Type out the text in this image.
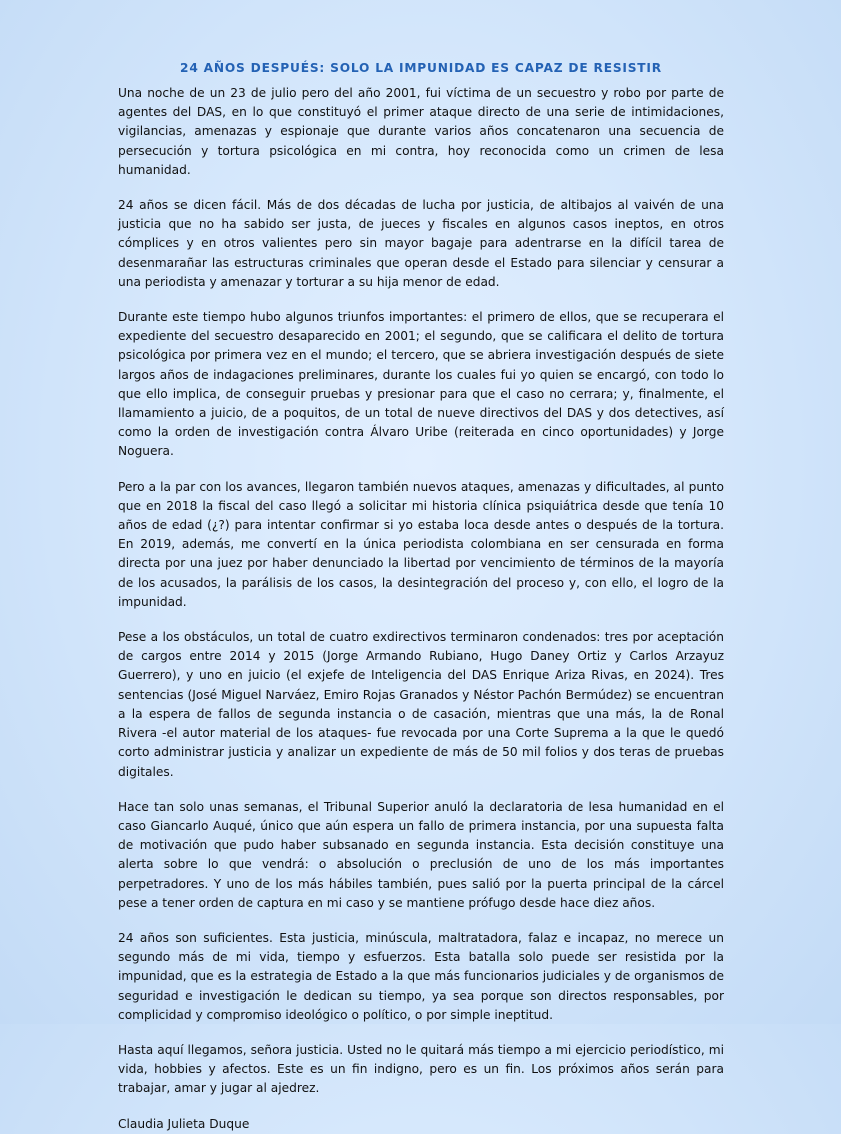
24 AÑOS DESPUÉS: SOLO LA IMPUNIDAD ES CAPAZ DE RESISTIR

Una noche de un 23 de julio pero del año 2001, fui víctima de un secuestro y robo por parte de agentes del DAS, en lo que constituyó el primer ataque directo de una serie de intimidaciones, vigilancias, amenazas y espionaje que durante varios años concatenaron una secuencia de persecución y tortura psicológica en mi contra, hoy reconocida como un crimen de lesa humanidad.

24 años se dicen fácil. Más de dos décadas de lucha por justicia, de altibajos al vaivén de una justicia que no ha sabido ser justa, de jueces y fiscales en algunos casos ineptos, en otros cómplices y en otros valientes pero sin mayor bagaje para adentrarse en la difícil tarea de desenmarañar las estructuras criminales que operan desde el Estado para silenciar y censurar a una periodista y amenazar y torturar a su hija menor de edad.

Durante este tiempo hubo algunos triunfos importantes: el primero de ellos, que se recuperara el expediente del secuestro desaparecido en 2001; el segundo, que se calificara el delito de tortura psicológica por primera vez en el mundo; el tercero, que se abriera investigación después de siete largos años de indagaciones preliminares, durante los cuales fui yo quien se encargó, con todo lo que ello implica, de conseguir pruebas y presionar para que el caso no cerrara; y, finalmente, el llamamiento a juicio, de a poquitos, de un total de nueve directivos del DAS y dos detectives, así como la orden de investigación contra Álvaro Uribe (reiterada en cinco oportunidades) y Jorge Noguera.

Pero a la par con los avances, llegaron también nuevos ataques, amenazas y dificultades, al punto que en 2018 la fiscal del caso llegó a solicitar mi historia clínica psiquiátrica desde que tenía 10 años de edad (¿?) para intentar confirmar si yo estaba loca desde antes o después de la tortura. En 2019, además, me convertí en la única periodista colombiana en ser censurada en forma directa por una juez por haber denunciado la libertad por vencimiento de términos de la mayoría de los acusados, la parálisis de los casos, la desintegración del proceso y, con ello, el logro de la impunidad.

Pese a los obstáculos, un total de cuatro exdirectivos terminaron condenados: tres por aceptación de cargos entre 2014 y 2015 (Jorge Armando Rubiano, Hugo Daney Ortiz y Carlos Arzayuz Guerrero), y uno en juicio (el exjefe de Inteligencia del DAS Enrique Ariza Rivas, en 2024). Tres sentencias (José Miguel Narváez, Emiro Rojas Granados y Néstor Pachón Bermúdez) se encuentran a la espera de fallos de segunda instancia o de casación, mientras que una más, la de Ronal Rivera -el autor material de los ataques- fue revocada por una Corte Suprema a la que le quedó corto administrar justicia y analizar un expediente de más de 50 mil folios y dos teras de pruebas digitales.

Hace tan solo unas semanas, el Tribunal Superior anuló la declaratoria de lesa humanidad en el caso Giancarlo Auqué, único que aún espera un fallo de primera instancia, por una supuesta falta de motivación que pudo haber subsanado en segunda instancia. Esta decisión constituye una alerta sobre lo que vendrá: o absolución o preclusión de uno de los más importantes perpetradores. Y uno de los más hábiles también, pues salió por la puerta principal de la cárcel pese a tener orden de captura en mi caso y se mantiene prófugo desde hace diez años.

24 años son suficientes. Esta justicia, minúscula, maltratadora, falaz e incapaz, no merece un segundo más de mi vida, tiempo y esfuerzos. Esta batalla solo puede ser resistida por la impunidad, que es la estrategia de Estado a la que más funcionarios judiciales y de organismos de seguridad e investigación le dedican su tiempo, ya sea porque son directos responsables, por complicidad y compromiso ideológico o político, o por simple ineptitud.

Hasta aquí llegamos, señora justicia. Usted no le quitará más tiempo a mi ejercicio periodístico, mi vida, hobbies y afectos. Este es un fin indigno, pero es un fin. Los próximos años serán para trabajar, amar y jugar al ajedrez.

Claudia Julieta Duque
